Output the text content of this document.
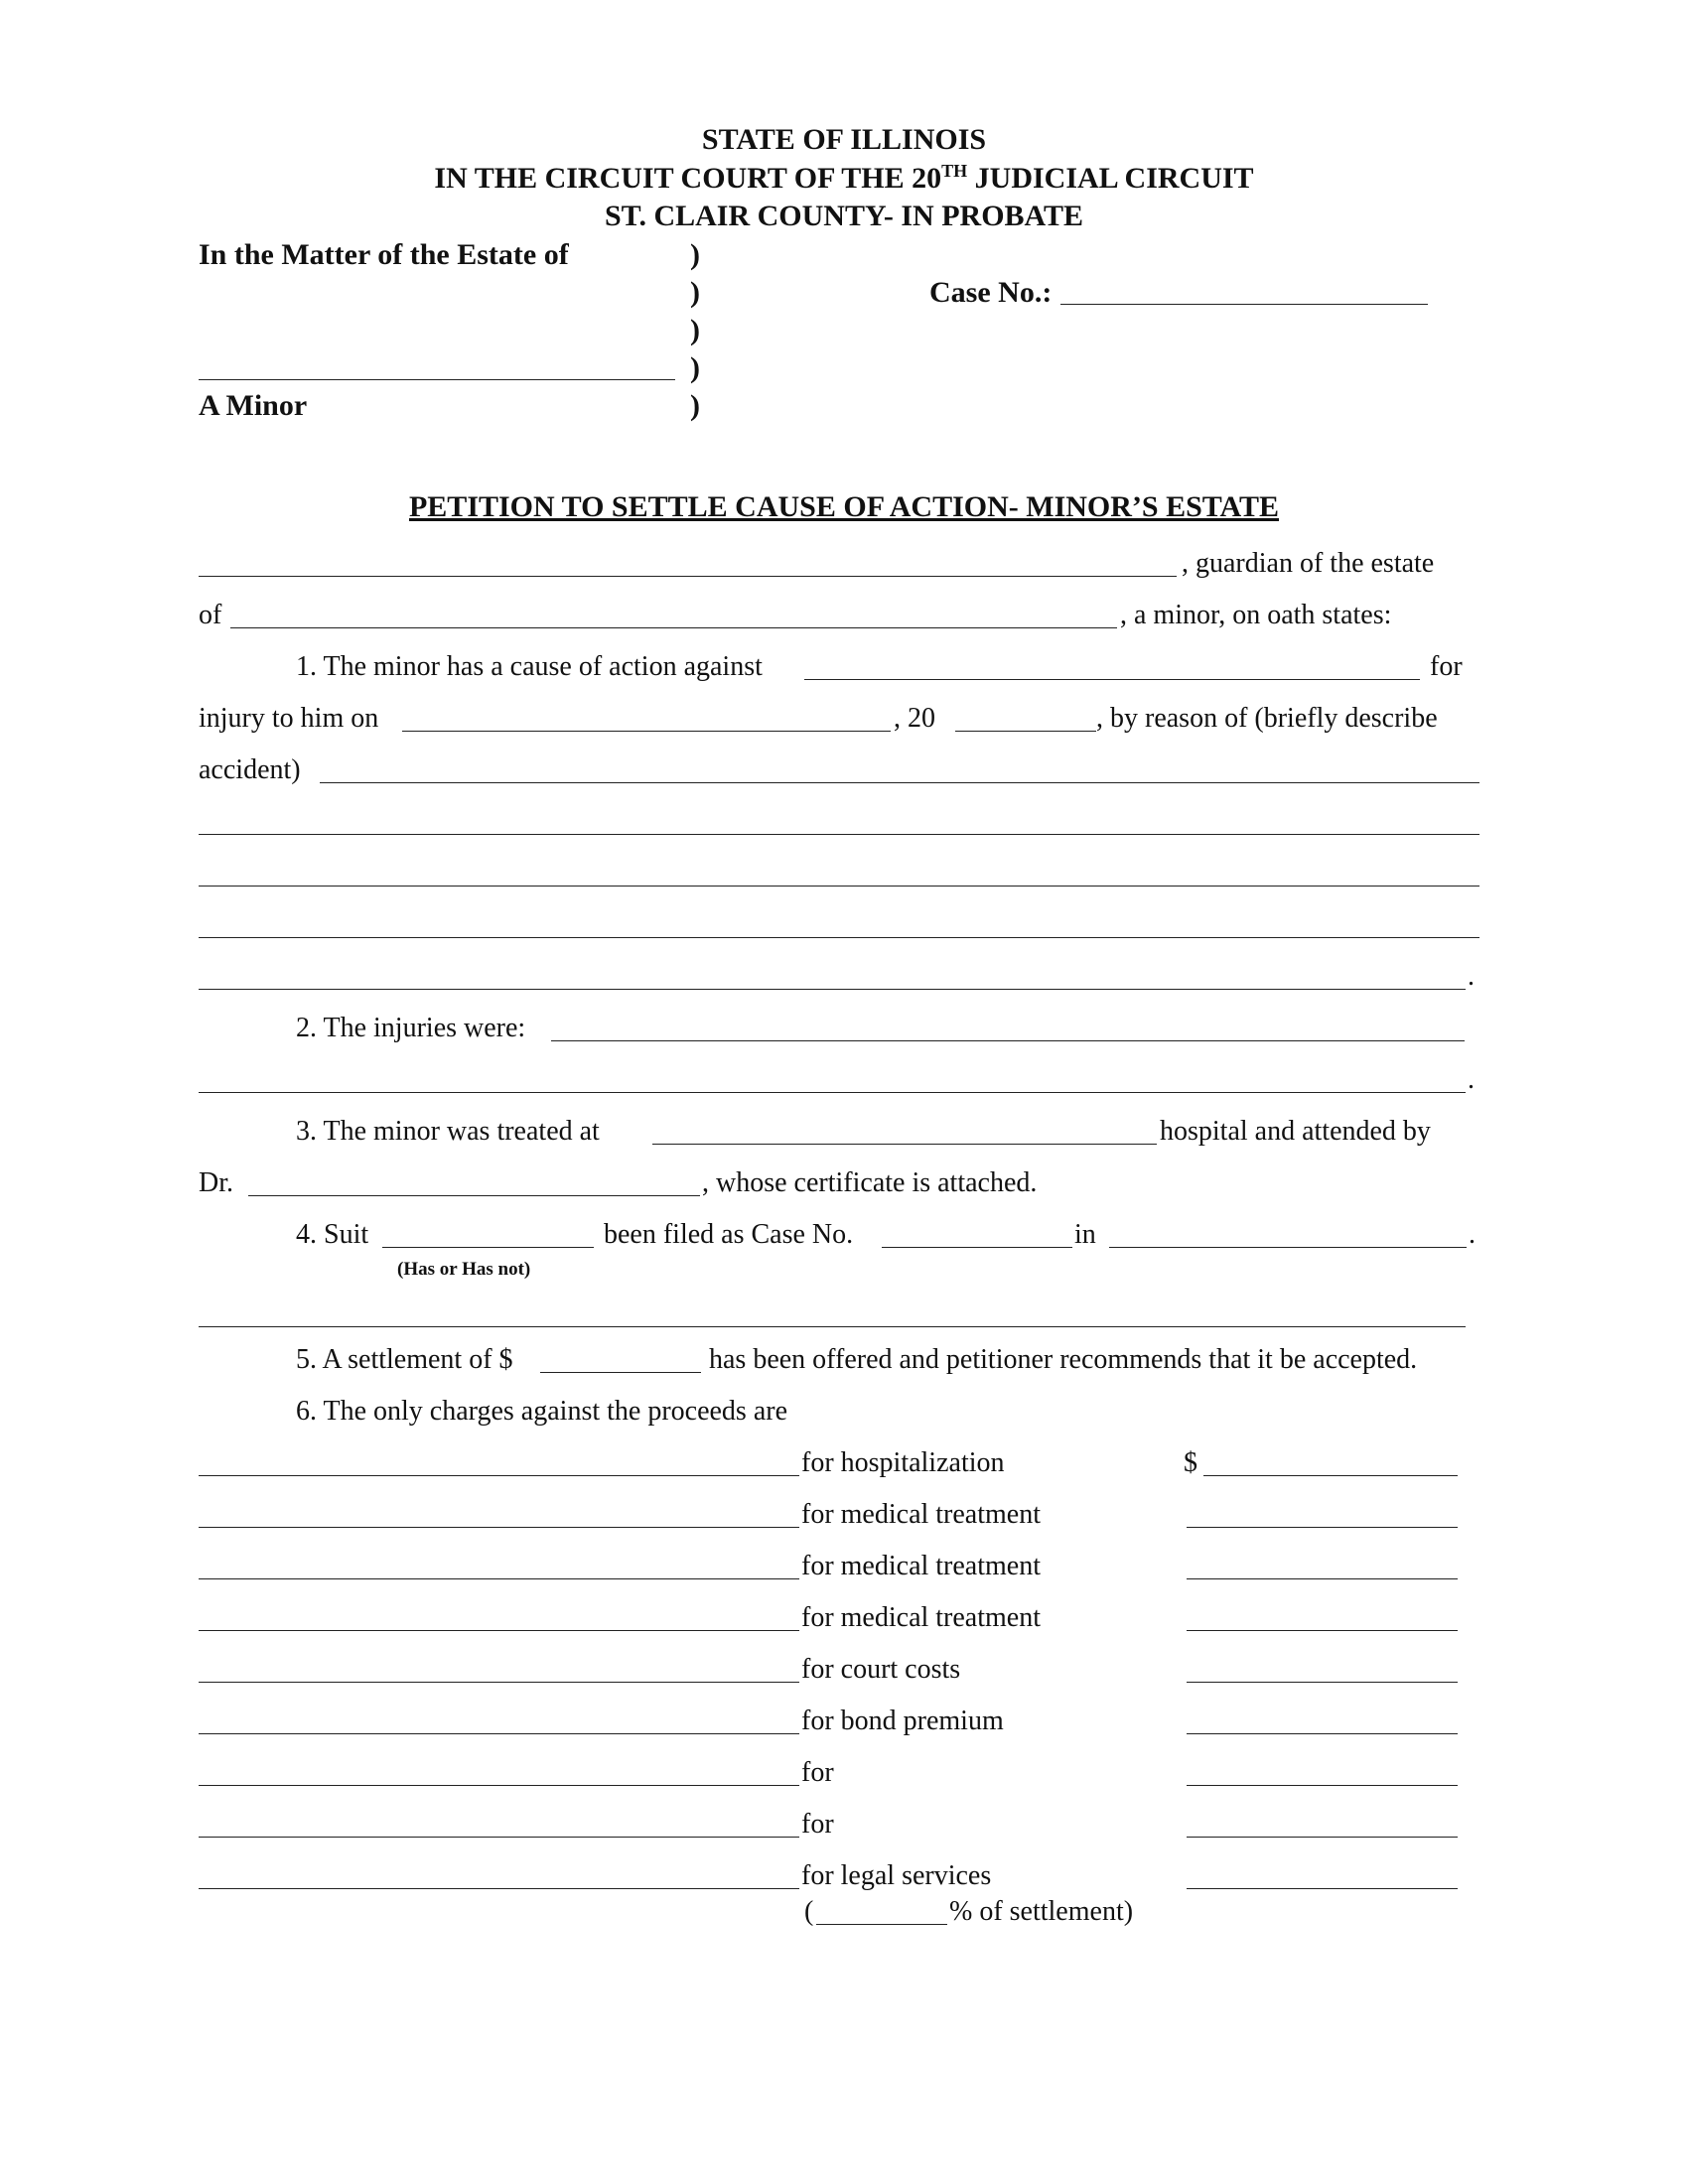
STATE OF ILLINOIS
IN THE CIRCUIT COURT OF THE 20TH JUDICIAL CIRCUIT
ST. CLAIR COUNTY- IN PROBATE
In the Matter of the Estate of	)
)
)
)
)
Case No.:
A Minor
PETITION TO SETTLE CAUSE OF ACTION- MINOR’S ESTATE
, guardian of the estate
of	, a minor, on oath states:
1. The minor has a cause of action against	for
injury to him on	, 20	, by reason of (briefly describe
accident)
.
2. The injuries were:
.
3. The minor was treated at	hospital and attended by
Dr.	, whose certificate is attached.
4. Suit
(Has or Has not)
been filed as Case No.	in	.
5. A settlement of $	has been offered and petitioner recommends that it be accepted.
6. The only charges against the proceeds are
for hospitalization	$
for medical treatment
for medical treatment
for medical treatment
for court costs
for bond premium
for
for
for legal services
(	% of settlement)
